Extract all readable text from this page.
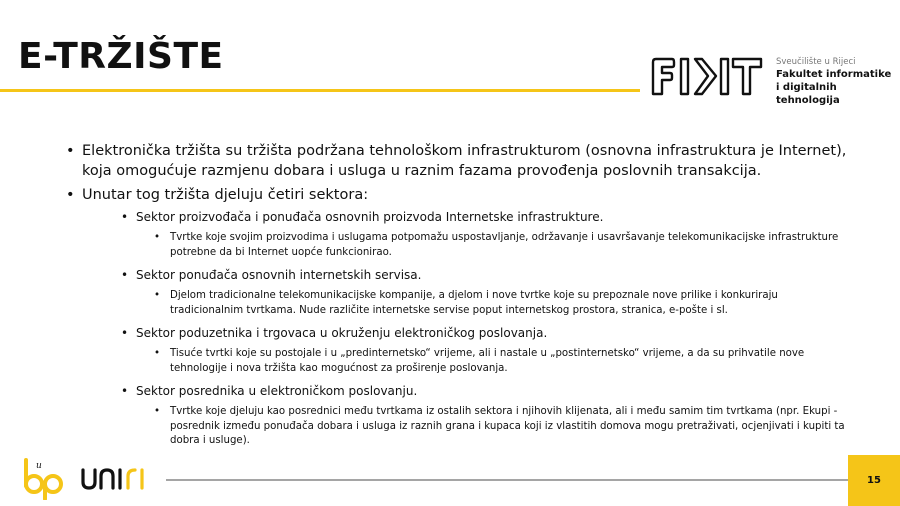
E-TRŽIŠTE	Sveučilište u Rijeci
Fakultet informatike
i digitalnih tehnologija
• Elektronička tržišta su tržišta podržana tehnološkom infrastrukturom (osnovna infrastruktura je Internet), koja omogućuje razmjenu dobara i usluga u raznim fazama provođenja poslovnih transakcija.
• Unutar tog tržišta djeluju četiri sektora:
• Sektor proizvođača i ponuđača osnovnih proizvoda Internetske infrastrukture.
• Tvrtke koje svojim proizvodima i uslugama potpomažu uspostavljanje, održavanje i usavršavanje telekomunikacijske infrastrukture potrebne da bi Internet uopće funkcionirao.
• Sektor ponuđača osnovnih internetskih servisa.
• Djelom tradicionalne telekomunikacijske kompanije, a djelom i nove tvrtke koje su prepoznale nove prilike i konkuriraju tradicionalnim tvrtkama. Nude različite internetske servise poput internetskog prostora, stranica, e-pošte i sl.
• Sektor poduzetnika i trgovaca u okruženju elektroničkog poslovanja.
• Tisuće tvrtki koje su postojale i u „predinternetsko“ vrijeme, ali i nastale u „postinternetsko“ vrijeme, a da su prihvatile nove tehnologije i nova tržišta kao mogućnost za proširenje poslovanja.
• Sektor posrednika u elektroničkom poslovanju.
• Tvrtke koje djeluju kao posrednici među tvrtkama iz ostalih sektora i njihovih klijenata, ali i među samim tim tvrtkama (npr. Ekupi - posrednik između ponuđača dobara i usluga iz raznih grana i kupaca koji iz vlastitih domova mogu pretraživati, ocjenjivati i kupiti ta dobra i usluge).
u
15
